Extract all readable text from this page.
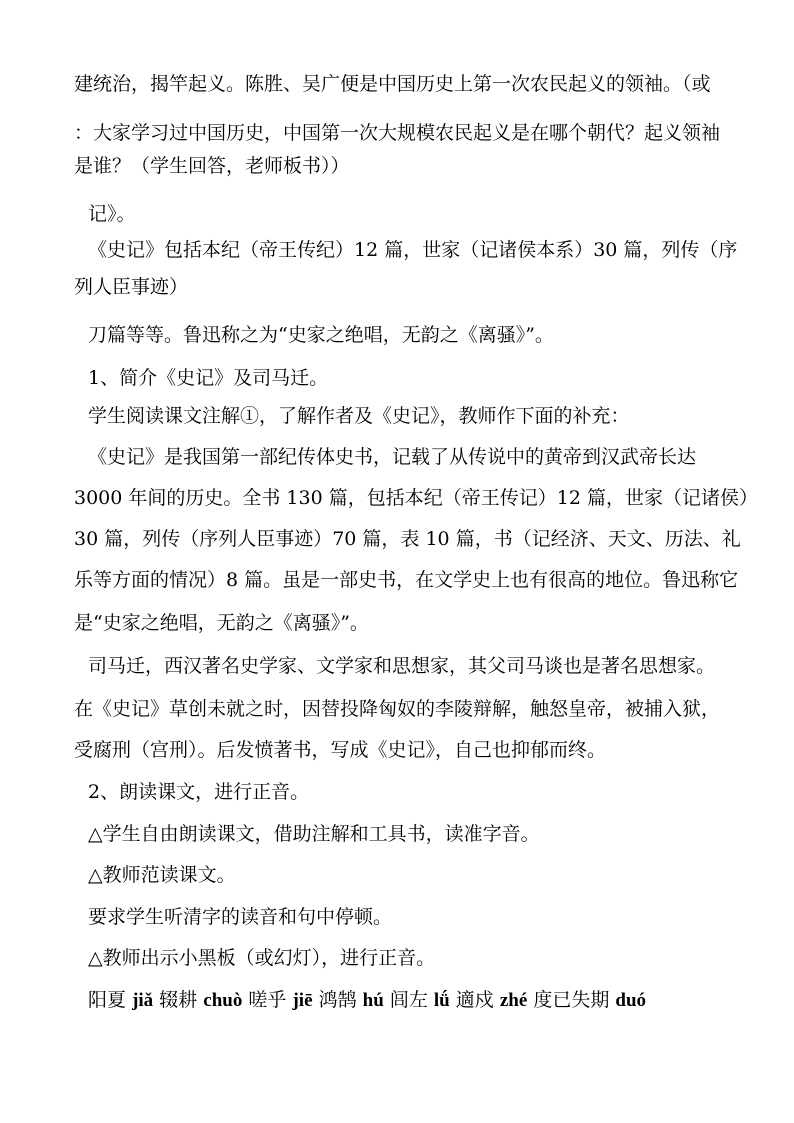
建统治，揭竿起义。陈胜、吴广便是中国历史上第一次农民起义的领袖。（或
：大家学习过中国历史，中国第一次大规模农民起义是在哪个朝代？起义领袖
是谁？（学生回答，老师板书））
记》。
《史记》包括本纪（帝王传纪）12 篇，世家（记诸侯本系）30 篇，列传（序
列人臣事迹）
刀篇等等。鲁迅称之为“史家之绝唱，无韵之《离骚》”。
1、简介《史记》及司马迁。
学生阅读课文注解①，了解作者及《史记》，教师作下面的补充：
《史记》是我国第一部纪传体史书，记载了从传说中的黄帝到汉武帝长达
3000 年间的历史。全书 130 篇，包括本纪（帝王传记）12 篇，世家（记诸侯）
30 篇，列传（序列人臣事迹）70 篇，表 10 篇，书（记经济、天文、历法、礼
乐等方面的情况）8 篇。虽是一部史书，在文学史上也有很高的地位。鲁迅称它
是“史家之绝唱，无韵之《离骚》”。
司马迁，西汉著名史学家、文学家和思想家，其父司马谈也是著名思想家。
在《史记》草创未就之时，因替投降匈奴的李陵辩解，触怒皇帝，被捕入狱，
受腐刑（宫刑）。后发愤著书，写成《史记》，自己也抑郁而终。
2、朗读课文，进行正音。
△学生自由朗读课文，借助注解和工具书，读准字音。
△教师范读课文。
要求学生听清字的读音和句中停顿。
△教师出示小黑板（或幻灯），进行正音。
阳夏 jiǎ 辍耕 chuò 嗟乎 jiē 鸿鹄 hú 闾左 lǘ 適戍 zhé 度已失期 duó
